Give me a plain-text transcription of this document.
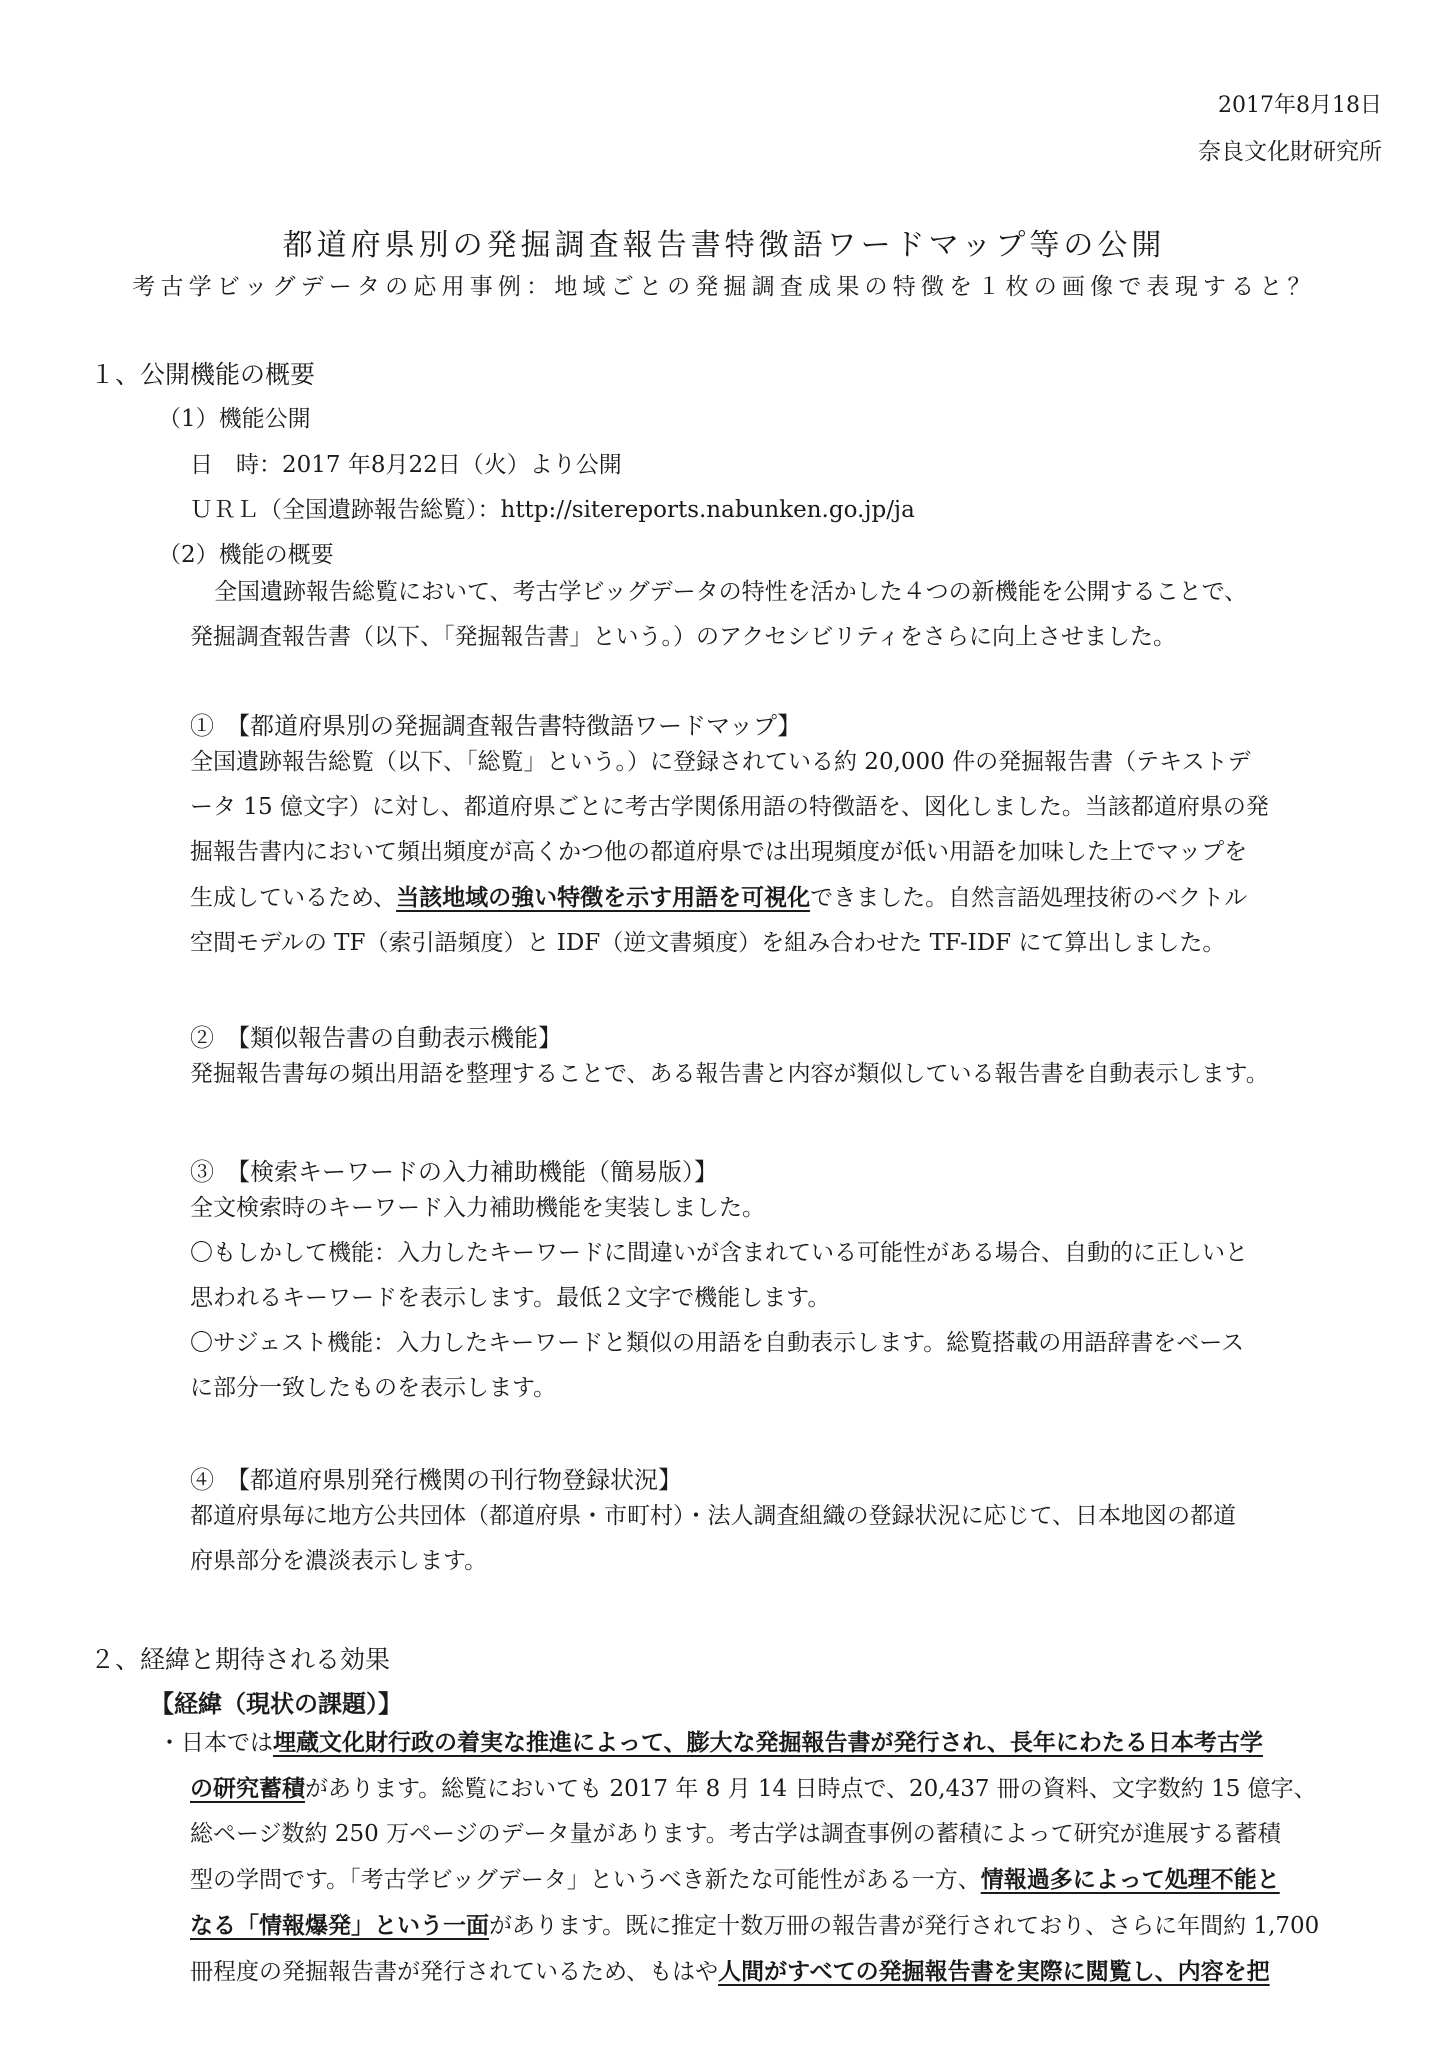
2017年8月18日
奈良文化財研究所
都道府県別の発掘調査報告書特徴語ワードマップ等の公開
考古学ビッグデータの応用事例：地域ごとの発掘調査成果の特徴を１枚の画像で表現すると？
１、公開機能の概要
（1）機能公開
日　時：2017 年8月22日（火）より公開
ＵＲＬ（全国遺跡報告総覧）：http://sitereports.nabunken.go.jp/ja
（2）機能の概要
全国遺跡報告総覧において、考古学ビッグデータの特性を活かした４つの新機能を公開することで、
発掘調査報告書（以下、「発掘報告書」という。）のアクセシビリティをさらに向上させました。
①　【都道府県別の発掘調査報告書特徴語ワードマップ】
全国遺跡報告総覧（以下、「総覧」という。）に登録されている約 20,000 件の発掘報告書（テキストデ
ータ 15 億文字）に対し、都道府県ごとに考古学関係用語の特徴語を、図化しました。当該都道府県の発
掘報告書内において頻出頻度が高くかつ他の都道府県では出現頻度が低い用語を加味した上でマップを
生成しているため、当該地域の強い特徴を示す用語を可視化できました。自然言語処理技術のベクトル
空間モデルの TF（索引語頻度）と IDF（逆文書頻度）を組み合わせた TF-IDF にて算出しました。
②　【類似報告書の自動表示機能】
発掘報告書毎の頻出用語を整理することで、ある報告書と内容が類似している報告書を自動表示します。
③　【検索キーワードの入力補助機能（簡易版）】
全文検索時のキーワード入力補助機能を実装しました。
〇もしかして機能：入力したキーワードに間違いが含まれている可能性がある場合、自動的に正しいと
思われるキーワードを表示します。最低２文字で機能します。
〇サジェスト機能：入力したキーワードと類似の用語を自動表示します。総覧搭載の用語辞書をベース
に部分一致したものを表示します。
④　【都道府県別発行機関の刊行物登録状況】
都道府県毎に地方公共団体（都道府県・市町村）・法人調査組織の登録状況に応じて、日本地図の都道
府県部分を濃淡表示します。
２、経緯と期待される効果
【経緯（現状の課題）】
・日本では埋蔵文化財行政の着実な推進によって、膨大な発掘報告書が発行され、長年にわたる日本考古学
の研究蓄積があります。総覧においても 2017 年 8 月 14 日時点で、20,437 冊の資料、文字数約 15 億字、
総ページ数約 250 万ページのデータ量があります。考古学は調査事例の蓄積によって研究が進展する蓄積
型の学問です。「考古学ビッグデータ」というべき新たな可能性がある一方、情報過多によって処理不能と
なる「情報爆発」という一面があります。既に推定十数万冊の報告書が発行されており、さらに年間約 1,700
冊程度の発掘報告書が発行されているため、もはや人間がすべての発掘報告書を実際に閲覧し、内容を把
